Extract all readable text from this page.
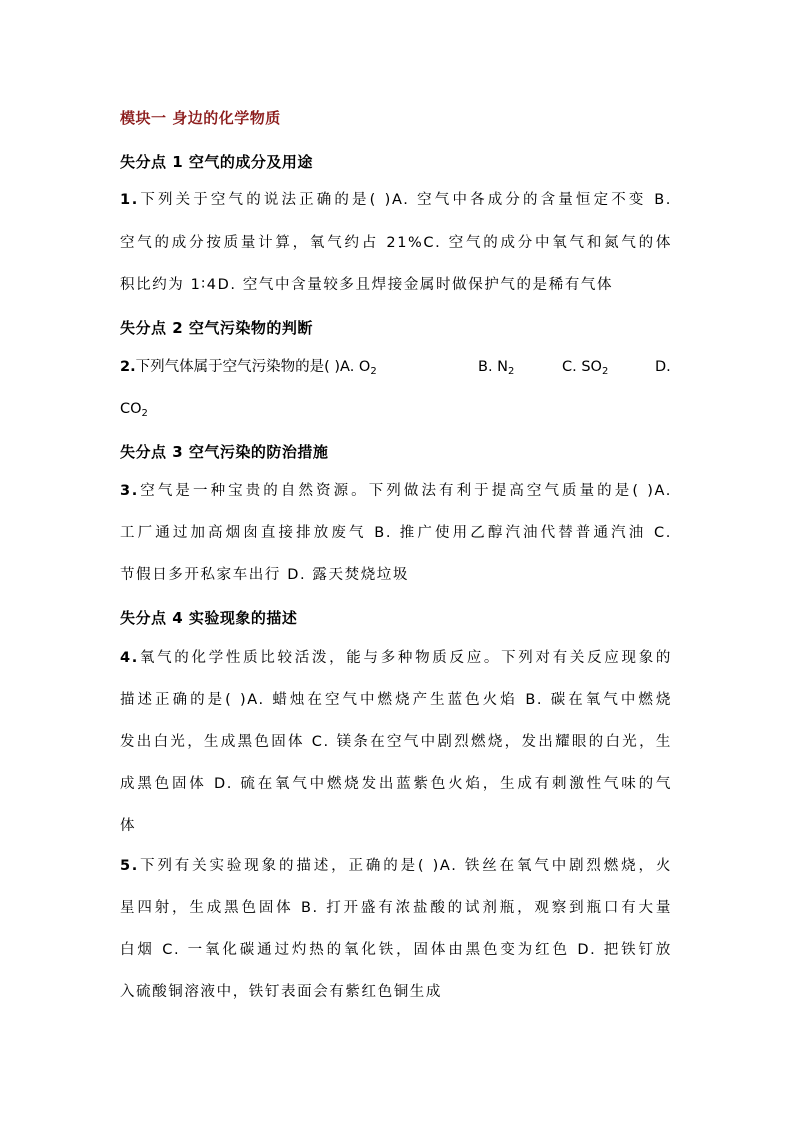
模块一 身边的化学物质
失分点 1 空气的成分及用途
1.下列关于空气的说法正确的是( )A. 空气中各成分的含量恒定不变 B.
空气的成分按质量计算，氧气约占 21%C. 空气的成分中氧气和氮气的体
积比约为 1∶4D. 空气中含量较多且焊接金属时做保护气的是稀有气体
失分点 2 空气污染物的判断
2.下列气体属于空气污染物的是( )A. $O_2$	B. $N_2$	C. $SO_2$	D.
$CO_2$
失分点 3 空气污染的防治措施
3.空气是一种宝贵的自然资源。下列做法有利于提高空气质量的是( )A.
工厂通过加高烟囱直接排放废气 B. 推广使用乙醇汽油代替普通汽油 C.
节假日多开私家车出行 D. 露天焚烧垃圾
失分点 4 实验现象的描述
4.氧气的化学性质比较活泼，能与多种物质反应。下列对有关反应现象的
描述正确的是( )A. 蜡烛在空气中燃烧产生蓝色火焰 B. 碳在氧气中燃烧
发出白光，生成黑色固体 C. 镁条在空气中剧烈燃烧，发出耀眼的白光，生
成黑色固体 D. 硫在氧气中燃烧发出蓝紫色火焰，生成有刺激性气味的气
体
5.下列有关实验现象的描述，正确的是( )A. 铁丝在氧气中剧烈燃烧，火
星四射，生成黑色固体 B. 打开盛有浓盐酸的试剂瓶，观察到瓶口有大量
白烟 C. 一氧化碳通过灼热的氧化铁，固体由黑色变为红色 D. 把铁钉放
入硫酸铜溶液中，铁钉表面会有紫红色铜生成
